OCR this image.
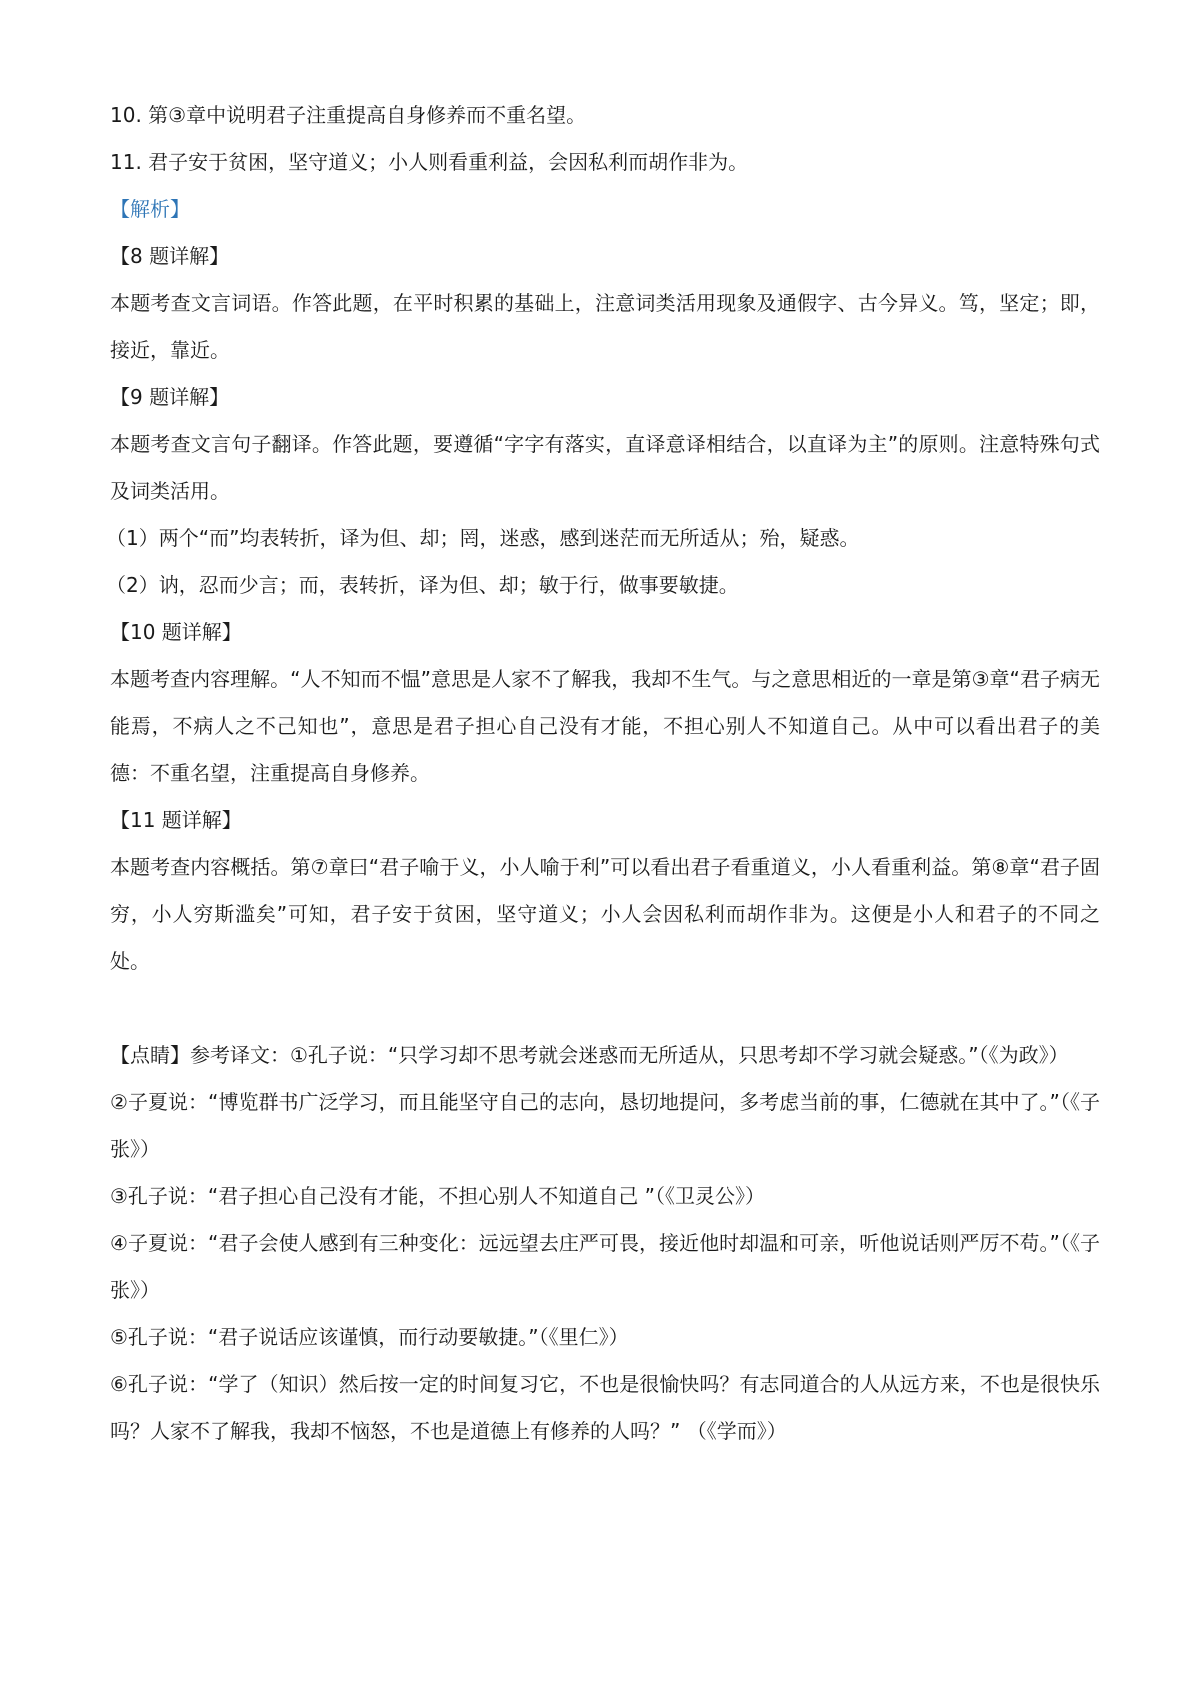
10. 第③章中说明君子注重提高自身修养而不重名望。

11. 君子安于贫困，坚守道义；小人则看重利益，会因私利而胡作非为。

【解析】

【8 题详解】

本题考查文言词语。作答此题，在平时积累的基础上，注意词类活用现象及通假字、古今异义。笃，坚定；即，接近，靠近。

【9 题详解】

本题考查文言句子翻译。作答此题，要遵循“字字有落实，直译意译相结合，以直译为主”的原则。注意特殊句式及词类活用。

（1）两个“而”均表转折，译为但、却；罔，迷惑，感到迷茫而无所适从；殆，疑惑。

（2）讷，忍而少言；而，表转折，译为但、却；敏于行，做事要敏捷。

【10 题详解】

本题考查内容理解。“人不知而不愠”意思是人家不了解我，我却不生气。与之意思相近的一章是第③章“君子病无能焉，不病人之不己知也”，意思是君子担心自己没有才能，不担心别人不知道自己。从中可以看出君子的美德：不重名望，注重提高自身修养。

【11 题详解】

本题考查内容概括。第⑦章曰“君子喻于义，小人喻于利”可以看出君子看重道义，小人看重利益。第⑧章“君子固穷，小人穷斯滥矣”可知，君子安于贫困，坚守道义；小人会因私利而胡作非为。这便是小人和君子的不同之处。

【点睛】参考译文：①孔子说：“只学习却不思考就会迷惑而无所适从，只思考却不学习就会疑惑。”（《为政》）

②子夏说：“博览群书广泛学习，而且能坚守自己的志向，恳切地提问，多考虑当前的事，仁德就在其中了。”（《子张》）

③孔子说：“君子担心自己没有才能，不担心别人不知道自己 ”（《卫灵公》）

④子夏说：“君子会使人感到有三种变化：远远望去庄严可畏，接近他时却温和可亲，听他说话则严厉不苟。”（《子张》）

⑤孔子说：“君子说话应该谨慎，而行动要敏捷。”（《里仁》）

⑥孔子说：“学了（知识）然后按一定的时间复习它，不也是很愉快吗？有志同道合的人从远方来，不也是很快乐吗？人家不了解我，我却不恼怒，不也是道德上有修养的人吗？” （《学而》）
